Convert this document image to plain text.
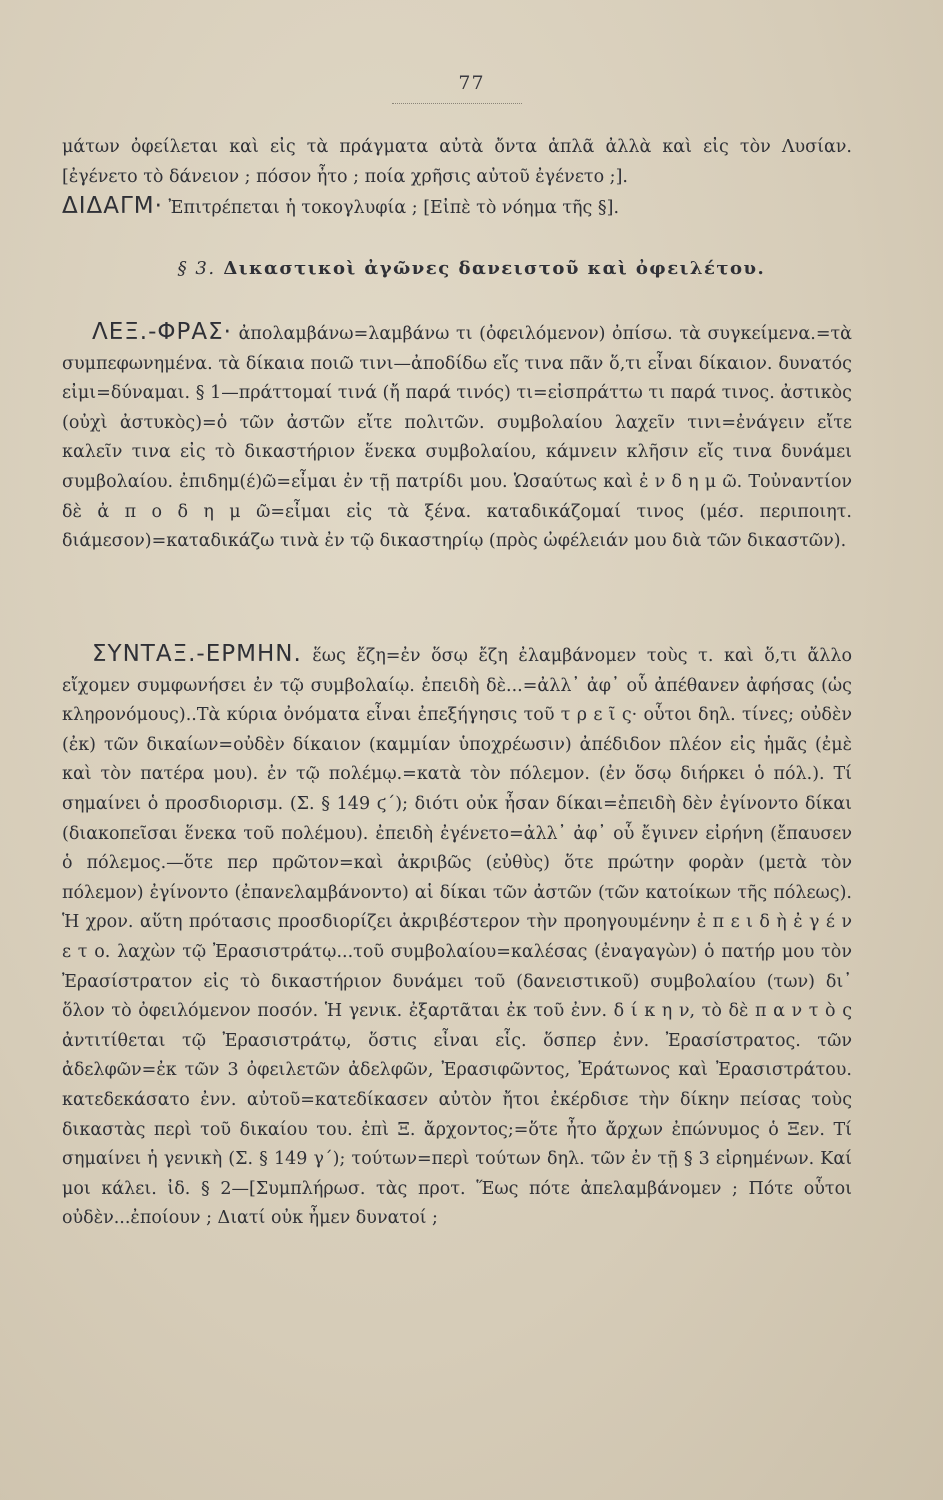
77
μάτων ὀφείλεται καὶ εἰς τὰ πράγματα αὐτὰ ὄντα ἁπλᾶ ἀλλὰ καὶ εἰς τὸν Λυσίαν. [ἐγένετο τὸ δάνειον ; πόσον ἦτο ; ποία χρῆσις αὐτοῦ ἐγένετο ;].
ΔΙΔΑΓΜ· Ἐπιτρέπεται ἡ τοκογλυφία ; [Εἰπὲ τὸ νόημα τῆς §].
§ 3. Δικαστικοὶ ἀγῶνες δανειστοῦ καὶ ὀφειλέτου.
ΛΕΞ.-ΦΡΑΣ· ἀπολαμβάνω=λαμβάνω τι (ὀφειλόμενον) ὀπίσω. τὰ συγκείμενα.=τὰ συμπεφωνημένα. τὰ δίκαια ποιῶ τινι—ἀποδίδω εἴς τινα πᾶν ὅ,τι εἶναι δίκαιον. δυνατός εἰμι=δύναμαι. § 1—πράττομαί τινά (ἤ παρά τινός) τι=εἰσπράττω τι παρά τινος. ἀστικὸς (οὐχὶ ἀστυκὸς)=ὁ τῶν ἀστῶν εἴτε πολιτῶν. συμβολαίου λαχεῖν τινι=ἐνάγειν εἴτε καλεῖν τινα εἰς τὸ δικαστήριον ἕνεκα συμβολαίου, κάμνειν κλῆσιν εἴς τινα δυνάμει συμβολαίου. ἐπιδημ(έ)ῶ=εἶμαι ἐν τῇ πατρίδι μου. Ὡσαύτως καὶ ἐ ν δ η μ ῶ. Τοὐναντίον δὲ ἀ π ο δ η μ ῶ=εἶμαι εἰς τὰ ξένα. καταδικάζομαί τινος (μέσ. περιποιητ. διάμεσον)=καταδικάζω τινὰ ἐν τῷ δικαστηρίῳ (πρὸς ὠφέλειάν μου διὰ τῶν δικαστῶν).
ΣΥΝΤΑΞ.-ΕΡΜΗΝ. ἕως ἔζη=ἐν ὅσῳ ἔζη ἐλαμβάνομεν τοὺς τ. καὶ ὅ,τι ἄλλο εἴχομεν συμφωνήσει ἐν τῷ συμβολαίῳ. ἐπειδὴ δὲ...=ἀλλ᾽ ἀφ᾽ οὗ ἀπέθανεν ἀφήσας (ὡς κληρονόμους)..Τὰ κύρια ὀνόματα εἶναι ἐπεξήγησις τοῦ τ ρ ε ῖ ς· οὗτοι δηλ. τίνες; οὐδὲν (ἐκ) τῶν δικαίων=οὐδὲν δίκαιον (καμμίαν ὑποχρέωσιν) ἀπέδιδον πλέον εἰς ἡμᾶς (ἐμὲ καὶ τὸν πατέρα μου). ἐν τῷ πολέμῳ.=κατὰ τὸν πόλεμον. (ἐν ὅσῳ διήρκει ὁ πόλ.). Τί σημαίνει ὁ προσδιορισμ. (Σ. § 149 ϛ΄); διότι οὐκ ἦσαν δίκαι=ἐπειδὴ δὲν ἐγίνοντο δίκαι (διακοπεῖσαι ἕνεκα τοῦ πολέμου). ἐπειδὴ ἐγένετο=ἀλλ᾽ ἀφ᾽ οὗ ἔγινεν εἰρήνη (ἔπαυσεν ὁ πόλεμος.—ὅτε περ πρῶτον=καὶ ἀκριβῶς (εὐθὺς) ὅτε πρώτην φορὰν (μετὰ τὸν πόλεμον) ἐγίνοντο (ἐπανελαμβάνοντο) αἱ δίκαι τῶν ἀστῶν (τῶν κατοίκων τῆς πόλεως). Ἡ χρον. αὕτη πρότασις προσδιορίζει ἀκριβέστερον τὴν προηγουμένην ἐ π ε ι δ ὴ ἐ γ έ ν ε τ ο. λαχὼν τῷ Ἐρασιστράτῳ...τοῦ συμβολαίου=καλέσας (ἐναγαγὼν) ὁ πατήρ μου τὸν Ἐρασίστρατον εἰς τὸ δικαστήριον δυνάμει τοῦ (δανειστικοῦ) συμβολαίου (των) δι᾽ ὅλον τὸ ὀφειλόμενον ποσόν. Ἡ γενικ. ἐξαρτᾶται ἐκ τοῦ ἐνν. δ ί κ η ν, τὸ δὲ π α ν τ ὸ ς ἀντιτίθεται τῷ Ἐρασιστράτῳ, ὅστις εἶναι εἷς. ὅσπερ ἐνν. Ἐρασίστρατος. τῶν ἀδελφῶν=ἐκ τῶν 3 ὀφειλετῶν ἀδελφῶν, Ἐρασιφῶντος, Ἐράτωνος καὶ Ἐρασιστράτου. κατεδεκάσατο ἐνν. αὐτοῦ=κατεδίκασεν αὐτὸν ἤτοι ἐκέρδισε τὴν δίκην πείσας τοὺς δικαστὰς περὶ τοῦ δικαίου του. ἐπὶ Ξ. ἄρχοντος;=ὅτε ἦτο ἄρχων ἐπώνυμος ὁ Ξεν. Τί σημαίνει ἡ γενικὴ (Σ. § 149 γ΄); τούτων=περὶ τούτων δηλ. τῶν ἐν τῇ § 3 εἰρημένων. Καί μοι κάλει. ἰδ. § 2—[Συμπλήρωσ. τὰς προτ. Ἕως πότε ἀπελαμβάνομεν ; Πότε οὗτοι οὐδὲν...ἐποίουν ; Διατί οὐκ ἦμεν δυνατοί ;
